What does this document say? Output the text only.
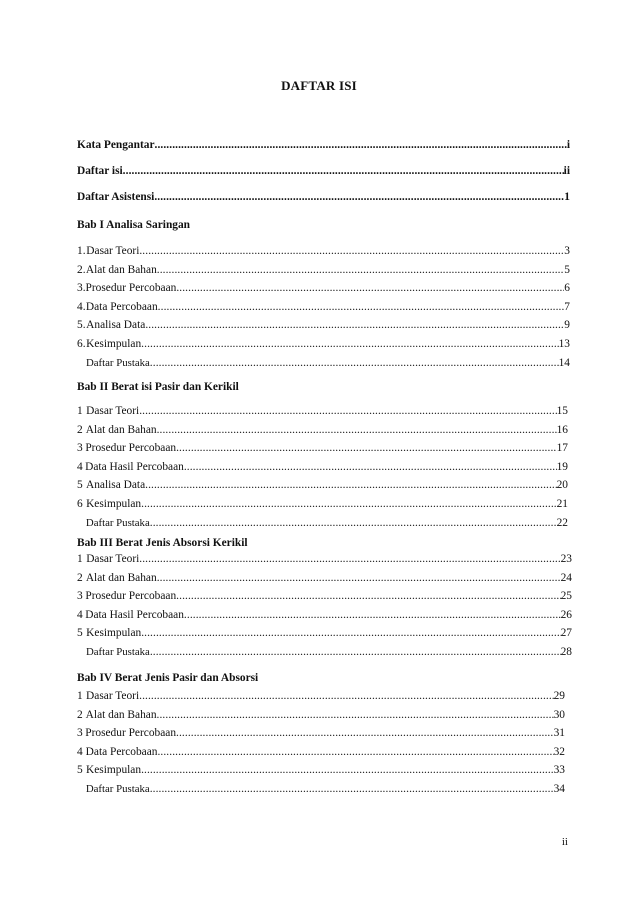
DAFTAR ISI
Kata Pengantar .....	i
Daftar isi .....	ii
Daftar Asistensi .....	1
Bab I Analisa Saringan
1. Dasar Teori .....	3
2. Alat dan Bahan .....	5
3. Prosedur Percobaan .....	6
4. Data Percobaan .....	7
5. Analisa Data .....	9
6. Kesimpulan .....	13
Daftar Pustaka .....	14
Bab II Berat isi Pasir dan Kerikil
1 Dasar Teori .....	15
2 Alat dan Bahan .....	16
3 Prosedur Percobaan .....	17
4 Data Hasil Percobaan .....	19
5 Analisa Data .....	20
6 Kesimpulan .....	21
Daftar Pustaka .....	22
Bab III Berat Jenis Absorsi Kerikil
1 Dasar Teori .....	23
2 Alat dan Bahan .....	24
3 Prosedur Percobaan .....	25
4 Data Hasil Percobaan .....	26
5 Kesimpulan .....	27
Daftar Pustaka .....	28
Bab IV Berat Jenis Pasir dan Absorsi
1 Dasar Teori .....	29
2 Alat dan Bahan .....	30
3 Prosedur Percobaan .....	31
4 Data Percobaan .....	32
5 Kesimpulan .....	33
Daftar Pustaka .....	34
ii
